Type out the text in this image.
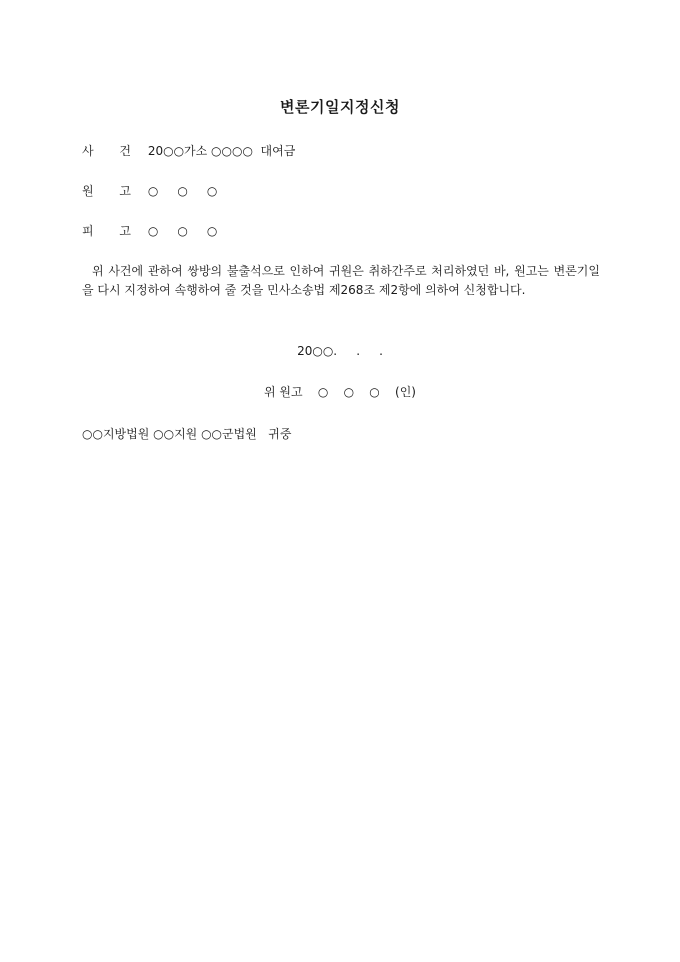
변론기일지정신청
사 건 20○○가소 ○○○○  대여금
원 고 ○     ○     ○
피 고 ○     ○     ○
위 사건에 관하여 쌍방의 불출석으로 인하여 귀원은 취하간주로 처리하였던 바, 원고는 변론기일을 다시 지정하여 속행하여 줄 것을 민사소송법 제268조 제2항에 의하여 신청합니다.
20○○.     .     .
위 원고    ○    ○    ○    (인)
○○지방법원 ○○지원 ○○군법원   귀중
